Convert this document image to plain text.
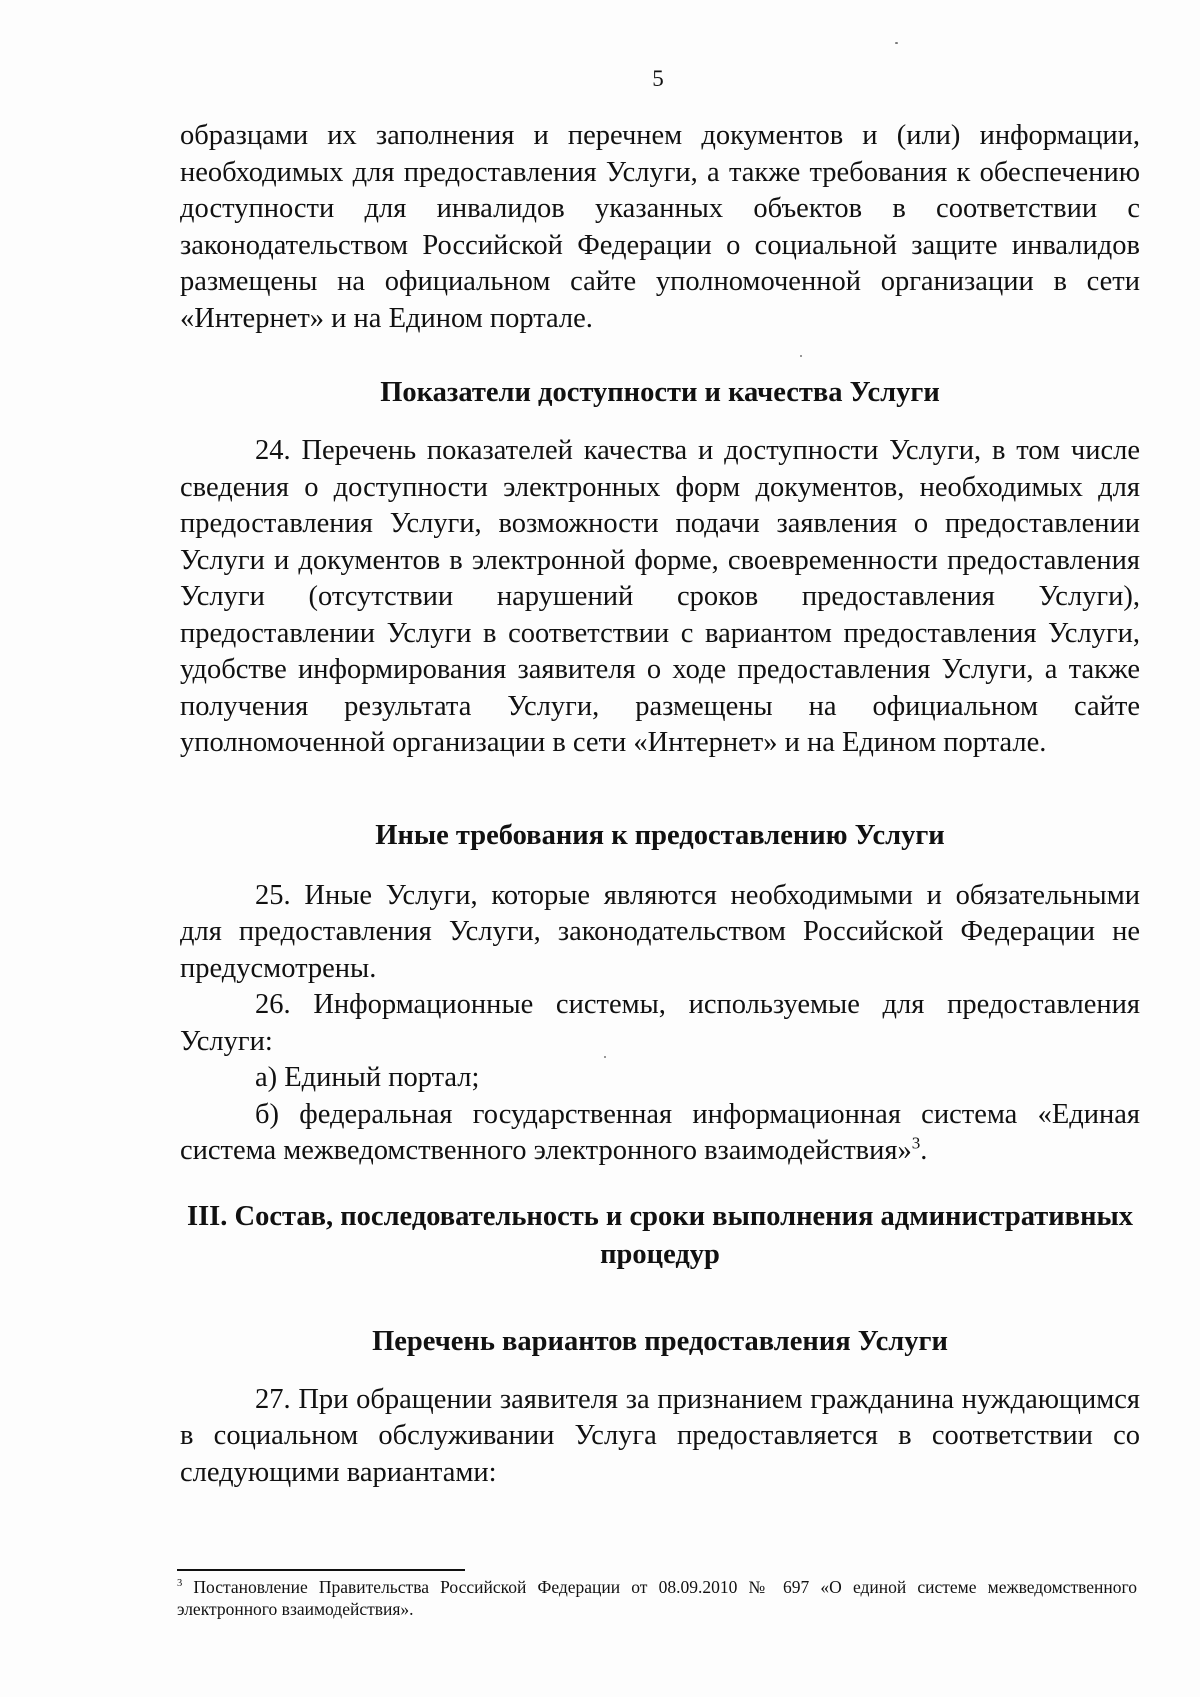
5

образцами их заполнения и перечнем документов и (или) информации, необходимых для предоставления Услуги, а также требования к обеспечению доступности для инвалидов указанных объектов в соответствии с законодательством Российской Федерации о социальной защите инвалидов размещены на официальном сайте уполномоченной организации в сети «Интернет» и на Едином портале.

Показатели доступности и качества Услуги

24. Перечень показателей качества и доступности Услуги, в том числе сведения о доступности электронных форм документов, необходимых для предоставления Услуги, возможности подачи заявления о предоставлении Услуги и документов в электронной форме, своевременности предоставления Услуги (отсутствии нарушений сроков предоставления Услуги), предоставлении Услуги в соответствии с вариантом предоставления Услуги, удобстве информирования заявителя о ходе предоставления Услуги, а также получения результата Услуги, размещены на официальном сайте уполномоченной организации в сети «Интернет» и на Едином портале.

Иные требования к предоставлению Услуги

25. Иные Услуги, которые являются необходимыми и обязательными для предоставления Услуги, законодательством Российской Федерации не предусмотрены.

26. Информационные системы, используемые для предоставления Услуги:

а) Единый портал;

б) федеральная государственная информационная система «Единая система межведомственного электронного взаимодействия»$^3$.

III. Состав, последовательность и сроки выполнения административных
процедур
Перечень вариантов предоставления Услуги

27. При обращении заявителя за признанием гражданина нуждающимся в социальном обслуживании Услуга предоставляется в соответствии со следующими вариантами:

$^3$ Постановление Правительства Российской Федерации от 08.09.2010 № 697 «О единой системе межведомственного электронного взаимодействия».
